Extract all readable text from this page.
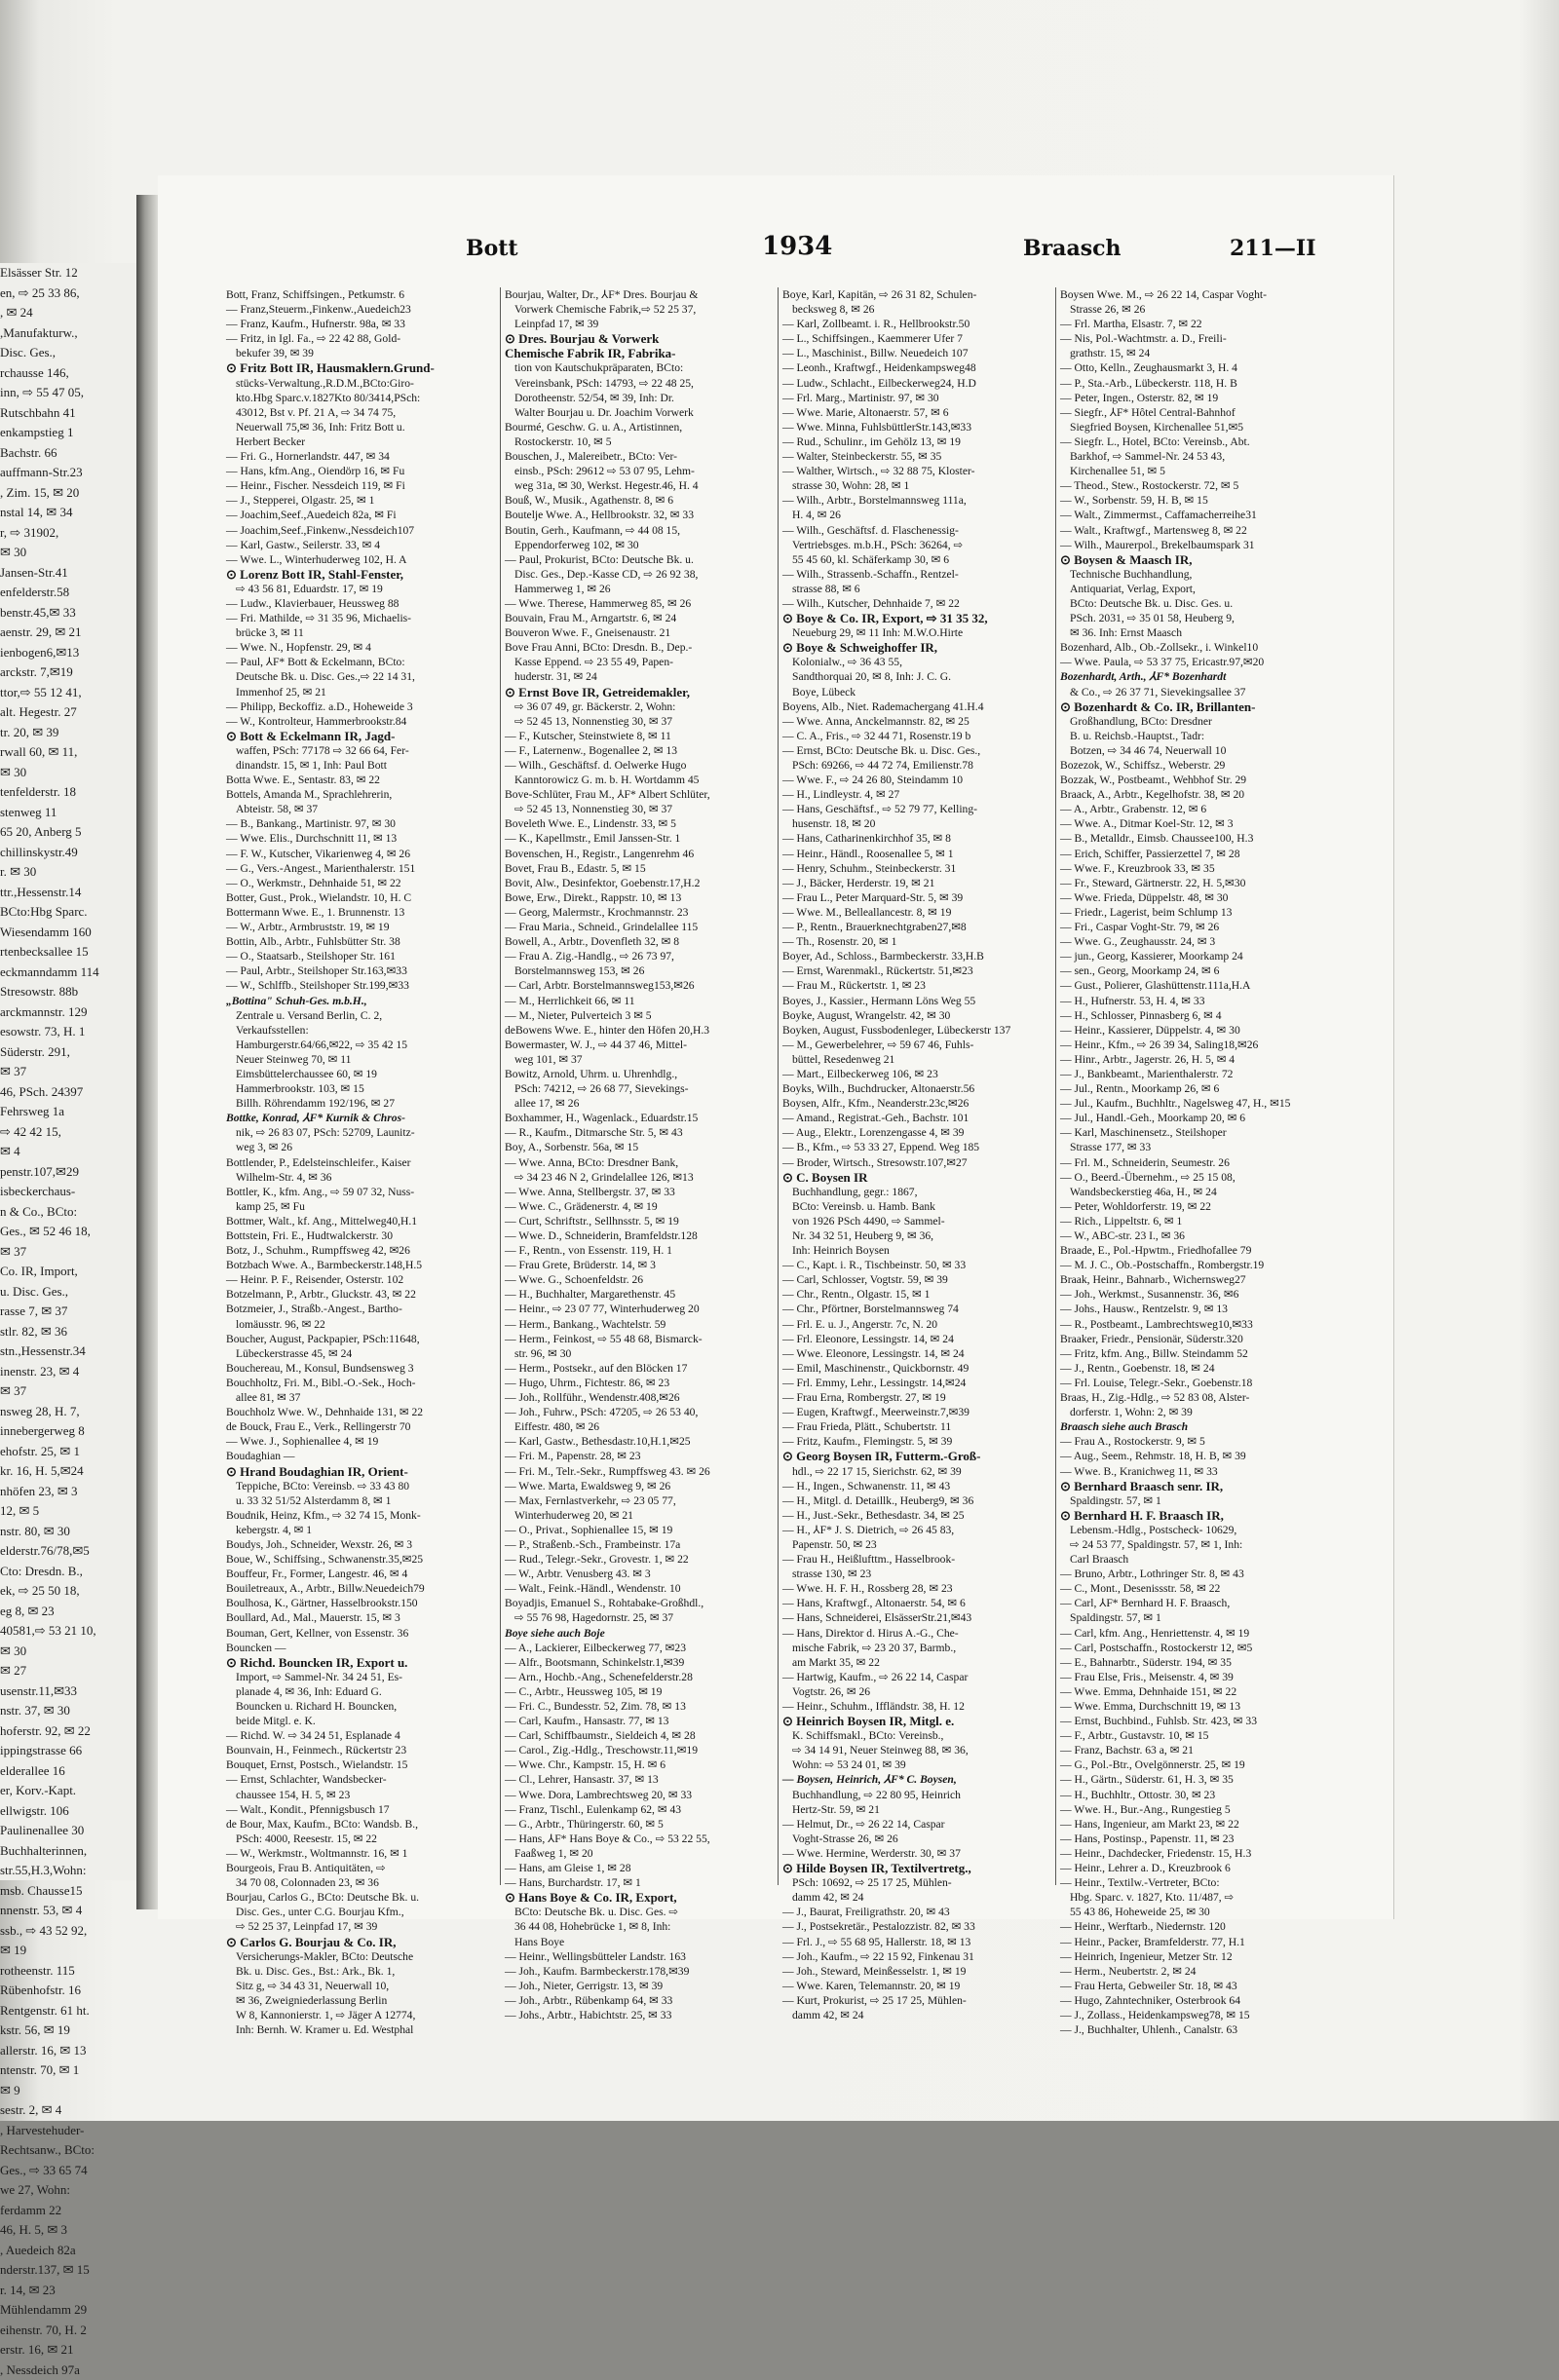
Elsässer Str. 12
en, ⇨ 25 33 86,
, ✉ 24
,Manufakturw.,
Disc. Ges.,
rchausse 146,
inn, ⇨ 55 47 05,
Rutschbahn 41
enkampstieg 1
Bachstr. 66
auffmann-Str.23
, Zim. 15, ✉ 20
nstal 14, ✉ 34
r, ⇨ 31902,
✉ 30
Jansen-Str.41
enfelderstr.58
benstr.45,✉ 33
aenstr. 29, ✉ 21
ienbogen6,✉13
arckstr. 7,✉19
ttor,⇨ 55 12 41,
alt. Hegestr. 27
tr. 20, ✉ 39
rwall 60, ✉ 11,
✉ 30
tenfelderstr. 18
stenweg 11
65 20, Anberg 5
chillinskystr.49
r. ✉ 30
ttr.,Hessenstr.14
BCto:Hbg Sparc.
Wiesendamm 160
rtenbecksallee 15
eckmanndamm 114
Stresowstr. 88b
arckmannstr. 129
esowstr. 73, H. 1
Süderstr. 291,
✉ 37
46, PSch. 24397
Fehrsweg 1a
⇨ 42 42 15,
✉ 4
penstr.107,✉29
isbeckerchaus-
n & Co., BCto:
Ges., ✉ 52 46 18,
✉ 37
Co. IR, Import,
u. Disc. Ges.,
rasse 7, ✉ 37
stlr. 82, ✉ 36
stn.,Hessenstr.34
inenstr. 23, ✉ 4
✉ 37
nsweg 28, H. 7,
innebergerweg 8
ehofstr. 25, ✉ 1
kr. 16, H. 5,✉24
nhöfen 23, ✉ 3
12, ✉ 5
nstr. 80, ✉ 30
elderstr.76/78,✉5
Cto: Dresdn. B.,
ek, ⇨ 25 50 18,
eg 8, ✉ 23
40581,⇨ 53 21 10,
✉ 30
✉ 27
usenstr.11,✉33
nstr. 37, ✉ 30
hoferstr. 92, ✉ 22
ippingstrasse 66
elderallee 16
er, Korv.-Kapt.
ellwigstr. 106
Paulinenallee 30
Buchhalterinnen,
str.55,H.3,Wohn:
msb. Chausse15
nnenstr. 53, ✉ 4
ssb., ⇨ 43 52 92,
✉ 19
rotheenstr. 115
Rübenhofstr. 16
Rentgenstr. 61 ht.
kstr. 56, ✉ 19
allerstr. 16, ✉ 13
ntenstr. 70, ✉ 1
✉ 9
sestr. 2, ✉ 4
, Harvestehuder-
Rechtsanw., BCto:
Ges., ⇨ 33 65 74
we 27, Wohn:
ferdamm 22
46, H. 5, ✉ 3
, Auedeich 82a
nderstr.137, ✉ 15
r. 14, ✉ 23
Mühlendamm 29
eihenstr. 70, H. 2
erstr. 16, ✉ 21
, Nessdeich 97a
Bott	1934	Braasch	211—II
Bott, Franz, Schiffsingen., Petkumstr. 6
— Franz,Steuerm.,Finkenw.,Auedeich23
— Franz, Kaufm., Hufnerstr. 98a, ✉ 33
— Fritz, in Igl. Fa., ⇨ 22 42 88, Gold-
bekufer 39, ✉ 39
⊙ Fritz Bott IR, Hausmaklern.Grund-
stücks-Verwaltung.,R.D.M.,BCto:Giro-
kto.Hbg Sparc.v.1827Kto 80/3414,PSch:
43012, Bst v. Pf. 21 A, ⇨ 34 74 75,
Neuerwall 75,✉ 36, Inh: Fritz Bott u.
Herbert Becker
— Fri. G., Hornerlandstr. 447, ✉ 34
— Hans, kfm.Ang., Oiendörp 16, ✉ Fu
— Heinr., Fischer. Nessdeich 119, ✉ Fi
— J., Stepperei, Olgastr. 25, ✉ 1
— Joachim,Seef.,Auedeich 82a, ✉ Fi
— Joachim,Seef.,Finkenw.,Nessdeich107
— Karl, Gastw., Seilerstr. 33, ✉ 4
— Wwe. L., Winterhuderweg 102, H. A
⊙ Lorenz Bott IR, Stahl-Fenster,
⇨ 43 56 81, Eduardstr. 17, ✉ 19
— Ludw., Klavierbauer, Heussweg 88
— Fri. Mathilde, ⇨ 31 35 96, Michaelis-
brücke 3, ✉ 11
— Wwe. N., Hopfenstr. 29, ✉ 4
— Paul, ⅄F* Bott & Eckelmann, BCto:
Deutsche Bk. u. Disc. Ges.,⇨ 22 14 31,
Immenhof 25, ✉ 21
— Philipp, Beckoffiz. a.D., Hoheweide 3
— W., Kontrolteur, Hammerbrookstr.84
⊙ Bott & Eckelmann IR, Jagd-
waffen, PSch: 77178 ⇨ 32 66 64, Fer-
dinandstr. 15, ✉ 1, Inh: Paul Bott
Botta Wwe. E., Sentastr. 83, ✉ 22
Bottels, Amanda M., Sprachlehrerin,
Abteistr. 58, ✉ 37
— B., Bankang., Martinistr. 97, ✉ 30
— Wwe. Elis., Durchschnitt 11, ✉ 13
— F. W., Kutscher, Vikarienweg 4, ✉ 26
— G., Vers.-Angest., Marienthalerstr. 151
— O., Werkmstr., Dehnhaide 51, ✉ 22
Botter, Gust., Prok., Wielandstr. 10, H. C
Bottermann Wwe. E., 1. Brunnenstr. 13
— W., Arbtr., Armbruststr. 19, ✉ 19
Bottin, Alb., Arbtr., Fuhlsbütter Str. 38
— O., Staatsarb., Steilshoper Str. 161
— Paul, Arbtr., Steilshoper Str.163,✉33
— W., Schlffb., Steilshoper Str.199,✉33
„Bottina" Schuh-Ges. m.b.H.,
Zentrale u. Versand Berlin, C. 2,
Verkaufsstellen:
Hamburgerstr.64/66,✉22, ⇨ 35 42 15
Neuer Steinweg 70, ✉ 11
Eimsbüttelerchaussee 60, ✉ 19
Hammerbrookstr. 103, ✉ 15
Billh. Röhrendamm 192/196, ✉ 27
Bottke, Konrad, ⅄F* Kurnik & Chros-
nik, ⇨ 26 83 07, PSch: 52709, Launitz-
weg 3, ✉ 26
Bottlender, P., Edelsteinschleifer., Kaiser
Wilhelm-Str. 4, ✉ 36
Bottler, K., kfm. Ang., ⇨ 59 07 32, Nuss-
kamp 25, ✉ Fu
Bottmer, Walt., kf. Ang., Mittelweg40,H.1
Bottstein, Fri. E., Hudtwalckerstr. 30
Botz, J., Schuhm., Rumpffsweg 42, ✉26
Botzbach Wwe. A., Barmbeckerstr.148,H.5
— Heinr. P. F., Reisender, Osterstr. 102
Botzelmann, P., Arbtr., Gluckstr. 43, ✉ 22
Botzmeier, J., Straßb.-Angest., Bartho-
lomäusstr. 96, ✉ 22
Boucher, August, Packpapier, PSch:11648,
Lübeckerstrasse 45, ✉ 24
Bouchereau, M., Konsul, Bundsensweg 3
Bouchholtz, Fri. M., Bibl.-O.-Sek., Hoch-
allee 81, ✉ 37
Bouchholz Wwe. W., Dehnhaide 131, ✉ 22
de Bouck, Frau E., Verk., Rellingerstr 70
— Wwe. J., Sophienallee 4, ✉ 19
Boudaghian —
⊙ Hrand Boudaghian IR, Orient-
Teppiche, BCto: Vereinsb. ⇨ 33 43 80
u. 33 32 51/52 Alsterdamm 8, ✉ 1
Boudnik, Heinz, Kfm., ⇨ 32 74 15, Monk-
kebergstr. 4, ✉ 1
Boudys, Joh., Schneider, Wexstr. 26, ✉ 3
Boue, W., Schiffsing., Schwanenstr.35,✉25
Bouffeur, Fr., Former, Langestr. 46, ✉ 4
Bouiletreaux, A., Arbtr., Billw.Neuedeich79
Boulhosa, K., Gärtner, Hasselbrookstr.150
Boullard, Ad., Mal., Mauerstr. 15, ✉ 3
Bouman, Gert, Kellner, von Essenstr. 36
Bouncken —
⊙ Richd. Bouncken IR, Export u.
Import, ⇨ Sammel-Nr. 34 24 51, Es-
planade 4, ✉ 36, Inh: Eduard G.
Bouncken u. Richard H. Bouncken,
beide Mitgl. e. K.
— Richd. W. ⇨ 34 24 51, Esplanade 4
Bounvain, H., Feinmech., Rückertstr 23
Bouquet, Ernst, Postsch., Wielandstr. 15
— Ernst, Schlachter, Wandsbecker-
chaussee 154, H. 5, ✉ 23
— Walt., Kondit., Pfennigsbusch 17
de Bour, Max, Kaufm., BCto: Wandsb. B.,
PSch: 4000, Reesestr. 15, ✉ 22
— W., Werkmstr., Woltmannstr. 16, ✉ 1
Bourgeois, Frau B. Antiquitäten, ⇨
34 70 08, Colonnaden 23, ✉ 36
Bourjau, Carlos G., BCto: Deutsche Bk. u.
Disc. Ges., unter C.G. Bourjau Kfm.,
⇨ 52 25 37, Leinpfad 17, ✉ 39
⊙ Carlos G. Bourjau & Co. IR,
Versicherungs-Makler, BCto: Deutsche
Bk. u. Disc. Ges., Bst.: Ark., Bk. 1,
Sitz g, ⇨ 34 43 31, Neuerwall 10,
✉ 36, Zweigniederlassung Berlin
W 8, Kannonierstr. 1, ⇨ Jäger A 12774,
Inh: Bernh. W. Kramer u. Ed. Westphal
Bourjau, Walter, Dr., ⅄F* Dres. Bourjau &
Vorwerk Chemische Fabrik,⇨ 52 25 37,
Leinpfad 17, ✉ 39
⊙ Dres. Bourjau & Vorwerk
Chemische Fabrik IR, Fabrika-
tion von Kautschukpräparaten, BCto:
Vereinsbank, PSch: 14793, ⇨ 22 48 25,
Dorotheenstr. 52/54, ✉ 39, Inh: Dr.
Walter Bourjau u. Dr. Joachim Vorwerk
Bourmé, Geschw. G. u. A., Artistinnen,
Rostockerstr. 10, ✉ 5
Bouschen, J., Malereibetr., BCto: Ver-
einsb., PSch: 29612 ⇨ 53 07 95, Lehm-
weg 31a, ✉ 30, Werkst. Hegestr.46, H. 4
Bouß, W., Musik., Agathenstr. 8, ✉ 6
Boutelje Wwe. A., Hellbrookstr. 32, ✉ 33
Boutin, Gerh., Kaufmann, ⇨ 44 08 15,
Eppendorferweg 102, ✉ 30
— Paul, Prokurist, BCto: Deutsche Bk. u.
Disc. Ges., Dep.-Kasse CD, ⇨ 26 92 38,
Hammerweg 1, ✉ 26
— Wwe. Therese, Hammerweg 85, ✉ 26
Bouvain, Frau M., Arngartstr. 6, ✉ 24
Bouveron Wwe. F., Gneisenaustr. 21
Bove Frau Anni, BCto: Dresdn. B., Dep.-
Kasse Eppend. ⇨ 23 55 49, Papen-
huderstr. 31, ✉ 24
⊙ Ernst Bove IR, Getreidemakler,
⇨ 36 07 49, gr. Bäckerstr. 2, Wohn:
⇨ 52 45 13, Nonnenstieg 30, ✉ 37
— F., Kutscher, Steinstwiete 8, ✉ 11
— F., Laternenw., Bogenallee 2, ✉ 13
— Wilh., Geschäftsf. d. Oelwerke Hugo
Kanntorowicz G. m. b. H. Wortdamm 45
Bove-Schlüter, Frau M., ⅄F* Albert Schlüter,
⇨ 52 45 13, Nonnenstieg 30, ✉ 37
Boveleth Wwe. E., Lindenstr. 33, ✉ 5
— K., Kapellmstr., Emil Janssen-Str. 1
Bovenschen, H., Registr., Langenrehm 46
Bovet, Frau B., Edastr. 5, ✉ 15
Bovit, Alw., Desinfektor, Goebenstr.17,H.2
Bowe, Erw., Direkt., Rappstr. 10, ✉ 13
— Georg, Malermstr., Krochmannstr. 23
— Frau Maria., Schneid., Grindelallee 115
Bowell, A., Arbtr., Dovenfleth 32, ✉ 8
— Frau A. Zig.-Handlg., ⇨ 26 73 97,
Borstelmannsweg 153, ✉ 26
— Carl, Arbtr. Borstelmannsweg153,✉26
— M., Herrlichkeit 66, ✉ 11
— M., Nieter, Pulverteich 3 ✉ 5
deBowens Wwe. E., hinter den Höfen 20,H.3
Bowermaster, W. J., ⇨ 44 37 46, Mittel-
weg 101, ✉ 37
Bowitz, Arnold, Uhrm. u. Uhrenhdlg.,
PSch: 74212, ⇨ 26 68 77, Sievekings-
allee 17, ✉ 26
Boxhammer, H., Wagenlack., Eduardstr.15
— R., Kaufm., Ditmarsche Str. 5, ✉ 43
Boy, A., Sorbenstr. 56a, ✉ 15
— Wwe. Anna, BCto: Dresdner Bank,
⇨ 34 23 46 N 2, Grindelallee 126, ✉13
— Wwe. Anna, Stellbergstr. 37, ✉ 33
— Wwe. C., Grädenerstr. 4, ✉ 19
— Curt, Schriftstr., Sellhnsstr. 5, ✉ 19
— Wwe. D., Schneiderin, Bramfeldstr.128
— F., Rentn., von Essenstr. 119, H. 1
— Frau Grete, Brüderstr. 14, ✉ 3
— Wwe. G., Schoenfeldstr. 26
— H., Buchhalter, Margarethenstr. 45
— Heinr., ⇨ 23 07 77, Winterhuderweg 20
— Herm., Bankang., Wachtelstr. 59
— Herm., Feinkost, ⇨ 55 48 68, Bismarck-
str. 96, ✉ 30
— Herm., Postsekr., auf den Blöcken 17
— Hugo, Uhrm., Fichtestr. 86, ✉ 23
— Joh., Rollführ., Wendenstr.408,✉26
— Joh., Fuhrw., PSch: 47205, ⇨ 26 53 40,
Eiffestr. 480, ✉ 26
— Karl, Gastw., Bethesdastr.10,H.1,✉25
— Fri. M., Papenstr. 28, ✉ 23
— Fri. M., Telr.-Sekr., Rumpffsweg 43. ✉ 26
— Wwe. Marta, Ewaldsweg 9, ✉ 26
— Max, Fernlastverkehr, ⇨ 23 05 77,
Winterhuderweg 20, ✉ 21
— O., Privat., Sophienallee 15, ✉ 19
— P., Straßenb.-Sch., Frambeinstr. 17a
— Rud., Telegr.-Sekr., Grovestr. 1, ✉ 22
— W., Arbtr. Venusberg 43. ✉ 3
— Walt., Feink.-Händl., Wendenstr. 10
Boyadjis, Emanuel S., Rohtabake-Großhdl.,
⇨ 55 76 98, Hagedornstr. 25, ✉ 37
Boye siehe auch Boje
— A., Lackierer, Eilbeckerweg 77, ✉23
— Alfr., Bootsmann, Schinkelstr.1,✉39
— Arn., Hochb.-Ang., Schenefelderstr.28
— C., Arbtr., Heussweg 105, ✉ 19
— Fri. C., Bundesstr. 52, Zim. 78, ✉ 13
— Carl, Kaufm., Hansastr. 77, ✉ 13
— Carl, Schiffbaumstr., Sieldeich 4, ✉ 28
— Carol., Zig.-Hdlg., Treschowstr.11,✉19
— Wwe. Chr., Kampstr. 15, H. ✉ 6
— Cl., Lehrer, Hansastr. 37, ✉ 13
— Wwe. Dora, Lambrechtsweg 20, ✉ 33
— Franz, Tischl., Eulenkamp 62, ✉ 43
— G., Arbtr., Thüringerstr. 60, ✉ 5
— Hans, ⅄F* Hans Boye & Co., ⇨ 53 22 55,
Faaßweg 1, ✉ 20
— Hans, am Gleise 1, ✉ 28
— Hans, Burchardstr. 17, ✉ 1
⊙ Hans Boye & Co. IR, Export,
BCto: Deutsche Bk. u. Disc. Ges. ⇨
36 44 08, Hohebrücke 1, ✉ 8, Inh:
Hans Boye
— Heinr., Wellingsbütteler Landstr. 163
— Joh., Kaufm. Barmbeckerstr.178,✉39
— Joh., Nieter, Gerrigstr. 13, ✉ 39
— Joh., Arbtr., Rübenkamp 64, ✉ 33
— Johs., Arbtr., Habichtstr. 25, ✉ 33
Boye, Karl, Kapitän, ⇨ 26 31 82, Schulen-
becksweg 8, ✉ 26
— Karl, Zollbeamt. i. R., Hellbrookstr.50
— L., Schiffsingen., Kaemmerer Ufer 7
— L., Maschinist., Billw. Neuedeich 107
— Leonh., Kraftwgf., Heidenkampsweg48
— Ludw., Schlacht., Eilbeckerweg24, H.D
— Frl. Marg., Martinistr. 97, ✉ 30
— Wwe. Marie, Altonaerstr. 57, ✉ 6
— Wwe. Minna, FuhlsbüttlerStr.143,✉33
— Rud., Schulinr., im Gehölz 13, ✉ 19
— Walter, Steinbeckerstr. 55, ✉ 35
— Walther, Wirtsch., ⇨ 32 88 75, Kloster-
strasse 30, Wohn: 28, ✉ 1
— Wilh., Arbtr., Borstelmannsweg 111a,
H. 4, ✉ 26
— Wilh., Geschäftsf. d. Flaschenessig-
Vertriebsges. m.b.H., PSch: 36264, ⇨
55 45 60, kl. Schäferkamp 30, ✉ 6
— Wilh., Strassenb.-Schaffn., Rentzel-
strasse 88, ✉ 6
— Wilh., Kutscher, Dehnhaide 7, ✉ 22
⊙ Boye & Co. IR, Export, ⇨ 31 35 32,
Neueburg 29, ✉ 11 Inh: M.W.O.Hirte
⊙ Boye & Schweighoffer IR,
Kolonialw., ⇨ 36 43 55,
Sandthorquai 20, ✉ 8, Inh: J. C. G.
Boye, Lübeck
Boyens, Alb., Niet. Rademachergang 41.H.4
— Wwe. Anna, Anckelmannstr. 82, ✉ 25
— C. A., Fris., ⇨ 32 44 71, Rosenstr.19 b
— Ernst, BCto: Deutsche Bk. u. Disc. Ges.,
PSch: 69266, ⇨ 44 72 74, Emilienstr.78
— Wwe. F., ⇨ 24 26 80, Steindamm 10
— H., Lindleystr. 4, ✉ 27
— Hans, Geschäftsf., ⇨ 52 79 77, Kelling-
husenstr. 18, ✉ 20
— Hans, Catharinenkirchhof 35, ✉ 8
— Heinr., Händl., Roosenallee 5, ✉ 1
— Henry, Schuhm., Steinbeckerstr. 31
— J., Bäcker, Herderstr. 19, ✉ 21
— Frau L., Peter Marquard-Str. 5, ✉ 39
— Wwe. M., Belleallancestr. 8, ✉ 19
— P., Rentn., Brauerknechtgraben27,✉8
— Th., Rosenstr. 20, ✉ 1
Boyer, Ad., Schloss., Barmbeckerstr. 33,H.B
— Ernst, Warenmakl., Rückertstr. 51,✉23
— Frau M., Rückertstr. 1, ✉ 23
Boyes, J., Kassier., Hermann Löns Weg 55
Boyke, August, Wrangelstr. 42, ✉ 30
Boyken, August, Fussbodenleger, Lübeckerstr 137
— M., Gewerbelehrer, ⇨ 59 67 46, Fuhls-
büttel, Resedenweg 21
— Mart., Eilbeckerweg 106, ✉ 23
Boyks, Wilh., Buchdrucker, Altonaerstr.56
Boysen, Alfr., Kfm., Neanderstr.23c,✉26
— Amand., Registrat.-Geh., Bachstr. 101
— Aug., Elektr., Lorenzengasse 4, ✉ 39
— B., Kfm., ⇨ 53 33 27, Eppend. Weg 185
— Broder, Wirtsch., Stresowstr.107,✉27
⊙ C. Boysen IR
Buchhandlung, gegr.: 1867,
BCto: Vereinsb. u. Hamb. Bank
von 1926 PSch 4490, ⇨ Sammel-
Nr. 34 32 51, Heuberg 9, ✉ 36,
Inh: Heinrich Boysen
— C., Kapt. i. R., Tischbeinstr. 50, ✉ 33
— Carl, Schlosser, Vogtstr. 59, ✉ 39
— Chr., Rentn., Olgastr. 15, ✉ 1
— Chr., Pförtner, Borstelmannsweg 74
— Frl. E. u. J., Angerstr. 7c, N. 20
— Frl. Eleonore, Lessingstr. 14, ✉ 24
— Wwe. Eleonore, Lessingstr. 14, ✉ 24
— Emil, Maschinenstr., Quickbornstr. 49
— Frl. Emmy, Lehr., Lessingstr. 14,✉24
— Frau Erna, Rombergstr. 27, ✉ 19
— Eugen, Kraftwgf., Meerweinstr.7,✉39
— Frau Frieda, Plätt., Schubertstr. 11
— Fritz, Kaufm., Flemingstr. 5, ✉ 39
⊙ Georg Boysen IR, Futterm.-Groß-
hdl., ⇨ 22 17 15, Sierichstr. 62, ✉ 39
— H., Ingen., Schwanenstr. 11, ✉ 43
— H., Mitgl. d. Detaillk., Heuberg9, ✉ 36
— H., Just.-Sekr., Bethesdastr. 34, ✉ 25
— H., ⅄F* J. S. Dietrich, ⇨ 26 45 83,
Papenstr. 50, ✉ 23
— Frau H., Heißlufttm., Hasselbrook-
strasse 130, ✉ 23
— Wwe. H. F. H., Rossberg 28, ✉ 23
— Hans, Kraftwgf., Altonaerstr. 54, ✉ 6
— Hans, Schneiderei, ElsässerStr.21,✉43
— Hans, Direktor d. Hirus A.-G., Che-
mische Fabrik, ⇨ 23 20 37, Barmb.,
am Markt 35, ✉ 22
— Hartwig, Kaufm., ⇨ 26 22 14, Caspar
Vogtstr. 26, ✉ 26
— Heinr., Schuhm., Iffländstr. 38, H. 12
⊙ Heinrich Boysen IR, Mitgl. e.
K. Schiffsmakl., BCto: Vereinsb.,
⇨ 34 14 91, Neuer Steinweg 88, ✉ 36,
Wohn: ⇨ 53 24 01, ✉ 39
— Boysen, Heinrich, ⅄F* C. Boysen,
Buchhandlung, ⇨ 22 80 95, Heinrich
Hertz-Str. 59, ✉ 21
— Helmut, Dr., ⇨ 26 22 14, Caspar
Voght-Strasse 26, ✉ 26
— Wwe. Hermine, Werderstr. 30, ✉ 37
⊙ Hilde Boysen IR, Textilvertretg.,
PSch: 10692, ⇨ 25 17 25, Mühlen-
damm 42, ✉ 24
— J., Baurat, Freiligrathstr. 20, ✉ 43
— J., Postsekretär., Pestalozzistr. 82, ✉ 33
— Frl. J., ⇨ 55 68 95, Hallerstr. 18, ✉ 13
— Joh., Kaufm., ⇨ 22 15 92, Finkenau 31
— Joh., Steward, Meinßesselstr. 1, ✉ 19
— Wwe. Karen, Telemannstr. 20, ✉ 19
— Kurt, Prokurist, ⇨ 25 17 25, Mühlen-
damm 42, ✉ 24
Boysen Wwe. M., ⇨ 26 22 14, Caspar Voght-
Strasse 26, ✉ 26
— Frl. Martha, Elsastr. 7, ✉ 22
— Nis, Pol.-Wachtmstr. a. D., Freili-
grathstr. 15, ✉ 24
— Otto, Kelln., Zeughausmarkt 3, H. 4
— P., Sta.-Arb., Lübeckerstr. 118, H. B
— Peter, Ingen., Osterstr. 82, ✉ 19
— Siegfr., ⅄F* Hôtel Central-Bahnhof
Siegfried Boysen, Kirchenallee 51,✉5
— Siegfr. L., Hotel, BCto: Vereinsb., Abt.
Barkhof, ⇨ Sammel-Nr. 24 53 43,
Kirchenallee 51, ✉ 5
— Theod., Stew., Rostockerstr. 72, ✉ 5
— W., Sorbenstr. 59, H. B, ✉ 15
— Walt., Zimmermst., Caffamacherreihe31
— Walt., Kraftwgf., Martensweg 8, ✉ 22
— Wilh., Maurerpol., Brekelbaumspark 31
⊙ Boysen & Maasch IR,
Technische Buchhandlung,
Antiquariat, Verlag, Export,
BCto: Deutsche Bk. u. Disc. Ges. u.
PSch. 2031, ⇨ 35 01 58, Heuberg 9,
✉ 36. Inh: Ernst Maasch
Bozenhard, Alb., Ob.-Zollsekr., i. Winkel10
— Wwe. Paula, ⇨ 53 37 75, Ericastr.97,✉20
Bozenhardt, Arth., ⅄F* Bozenhardt
& Co., ⇨ 26 37 71, Sievekingsallee 37
⊙ Bozenhardt & Co. IR, Brillanten-
Großhandlung, BCto: Dresdner
B. u. Reichsb.-Hauptst., Tadr:
Botzen, ⇨ 34 46 74, Neuerwall 10
Bozezok, W., Schiffsz., Weberstr. 29
Bozzak, W., Postbeamt., Wehbhof Str. 29
Braack, A., Arbtr., Kegelhofstr. 38, ✉ 20
— A., Arbtr., Grabenstr. 12, ✉ 6
— Wwe. A., Ditmar Koel-Str. 12, ✉ 3
— B., Metalldr., Eimsb. Chaussee100, H.3
— Erich, Schiffer, Passierzettel 7, ✉ 28
— Wwe. F., Kreuzbrook 33, ✉ 35
— Fr., Steward, Gärtnerstr. 22, H. 5,✉30
— Wwe. Frieda, Düppelstr. 48, ✉ 30
— Friedr., Lagerist, beim Schlump 13
— Fri., Caspar Voght-Str. 79, ✉ 26
— Wwe. G., Zeughausstr. 24, ✉ 3
— jun., Georg, Kassierer, Moorkamp 24
— sen., Georg, Moorkamp 24, ✉ 6
— Gust., Polierer, Glashüttenstr.111a,H.A
— H., Hufnerstr. 53, H. 4, ✉ 33
— H., Schlosser, Pinnasberg 6, ✉ 4
— Heinr., Kassierer, Düppelstr. 4, ✉ 30
— Heinr., Kfm., ⇨ 26 39 34, Saling18,✉26
— Hinr., Arbtr., Jagerstr. 26, H. 5, ✉ 4
— J., Bankbeamt., Marienthalerstr. 72
— Jul., Rentn., Moorkamp 26, ✉ 6
— Jul., Kaufm., Buchhltr., Nagelsweg 47, H., ✉15
— Jul., Handl.-Geh., Moorkamp 20, ✉ 6
— Karl, Maschinensetz., Steilshoper
Strasse 177, ✉ 33
— Frl. M., Schneiderin, Seumestr. 26
— O., Beerd.-Übernehm., ⇨ 25 15 08,
Wandsbeckerstieg 46a, H., ✉ 24
— Peter, Wohldorferstr. 19, ✉ 22
— Rich., Lippeltstr. 6, ✉ 1
— W., ABC-str. 23 I., ✉ 36
Braade, E., Pol.-Hpwtm., Friedhofallee 79
— M. J. C., Ob.-Postschaffn., Rombergstr.19
Braak, Heinr., Bahnarb., Wichernsweg27
— Joh., Werkmst., Susannenstr. 36, ✉6
— Johs., Hausw., Rentzelstr. 9, ✉ 13
— R., Postbeamt., Lambrechtsweg10,✉33
Braaker, Friedr., Pensionär, Süderstr.320
— Fritz, kfm. Ang., Billw. Steindamm 52
— J., Rentn., Goebenstr. 18, ✉ 24
— Frl. Louise, Telegr.-Sekr., Goebenstr.18
Braas, H., Zig.-Hdlg., ⇨ 52 83 08, Alster-
dorferstr. 1, Wohn: 2, ✉ 39
Braasch siehe auch Brasch
— Frau A., Rostockerstr. 9, ✉ 5
— Aug., Seem., Rehmstr. 18, H. B, ✉ 39
— Wwe. B., Kranichweg 11, ✉ 33
⊙ Bernhard Braasch senr. IR,
Spaldingstr. 57, ✉ 1
⊙ Bernhard H. F. Braasch IR,
Lebensm.-Hdlg., Postscheck- 10629,
⇨ 24 53 77, Spaldingstr. 57, ✉ 1, Inh:
Carl Braasch
— Bruno, Arbtr., Lothringer Str. 8, ✉ 43
— C., Mont., Desenissstr. 58, ✉ 22
— Carl, ⅄F* Bernhard H. F. Braasch,
Spaldingstr. 57, ✉ 1
— Carl, kfm. Ang., Henriettenstr. 4, ✉ 19
— Carl, Postschaffn., Rostockerstr 12, ✉5
— E., Bahnarbtr., Süderstr. 194, ✉ 35
— Frau Else, Fris., Meisenstr. 4, ✉ 39
— Wwe. Emma, Dehnhaide 151, ✉ 22
— Wwe. Emma, Durchschnitt 19, ✉ 13
— Ernst, Buchbind., Fuhlsb. Str. 423, ✉ 33
— F., Arbtr., Gustavstr. 10, ✉ 15
— Franz, Bachstr. 63 a, ✉ 21
— G., Pol.-Btr., Ovelgönnerstr. 25, ✉ 19
— H., Gärtn., Süderstr. 61, H. 3, ✉ 35
— H., Buchhltr., Ottostr. 30, ✉ 23
— Wwe. H., Bur.-Ang., Rungestieg 5
— Hans, Ingenieur, am Markt 23, ✉ 22
— Hans, Postinsp., Papenstr. 11, ✉ 23
— Heinr., Dachdecker, Friedenstr. 15, H.3
— Heinr., Lehrer a. D., Kreuzbrook 6
— Heinr., Textilw.-Vertreter, BCto:
Hbg. Sparc. v. 1827, Kto. 11/487, ⇨
55 43 86, Hoheweide 25, ✉ 30
— Heinr., Werftarb., Niedernstr. 120
— Heinr., Packer, Bramfelderstr. 77, H.1
— Heinrich, Ingenieur, Metzer Str. 12
— Herm., Neubertstr. 2, ✉ 24
— Frau Herta, Gebweiler Str. 18, ✉ 43
— Hugo, Zahntechniker, Osterbrook 64
— J., Zollass., Heidenkampsweg78, ✉ 15
— J., Buchhalter, Uhlenh., Canalstr. 63
